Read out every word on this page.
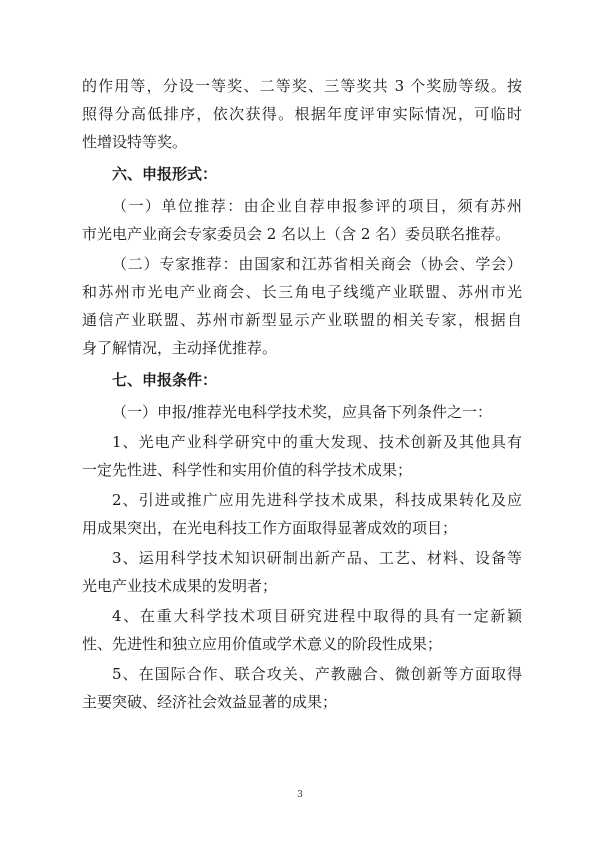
的作用等，分设一等奖、二等奖、三等奖共 3 个奖励等级。按
照得分高低排序，依次获得。根据年度评审实际情况，可临时
性增设特等奖。

六、申报形式：

（一）单位推荐：由企业自荐申报参评的项目，须有苏州
市光电产业商会专家委员会 2 名以上（含 2 名）委员联名推荐。

（二）专家推荐：由国家和江苏省相关商会（协会、学会）
和苏州市光电产业商会、长三角电子线缆产业联盟、苏州市光
通信产业联盟、苏州市新型显示产业联盟的相关专家，根据自
身了解情况，主动择优推荐。

七、申报条件：

（一）申报/推荐光电科学技术奖，应具备下列条件之一：

1、光电产业科学研究中的重大发现、技术创新及其他具有
一定先性进、科学性和实用价值的科学技术成果；

2、引进或推广应用先进科学技术成果，科技成果转化及应
用成果突出，在光电科技工作方面取得显著成效的项目；

3、运用科学技术知识研制出新产品、工艺、材料、设备等
光电产业技术成果的发明者；

4、在重大科学技术项目研究进程中取得的具有一定新颖
性、先进性和独立应用价值或学术意义的阶段性成果；

5、在国际合作、联合攻关、产教融合、微创新等方面取得
主要突破、经济社会效益显著的成果；

3
